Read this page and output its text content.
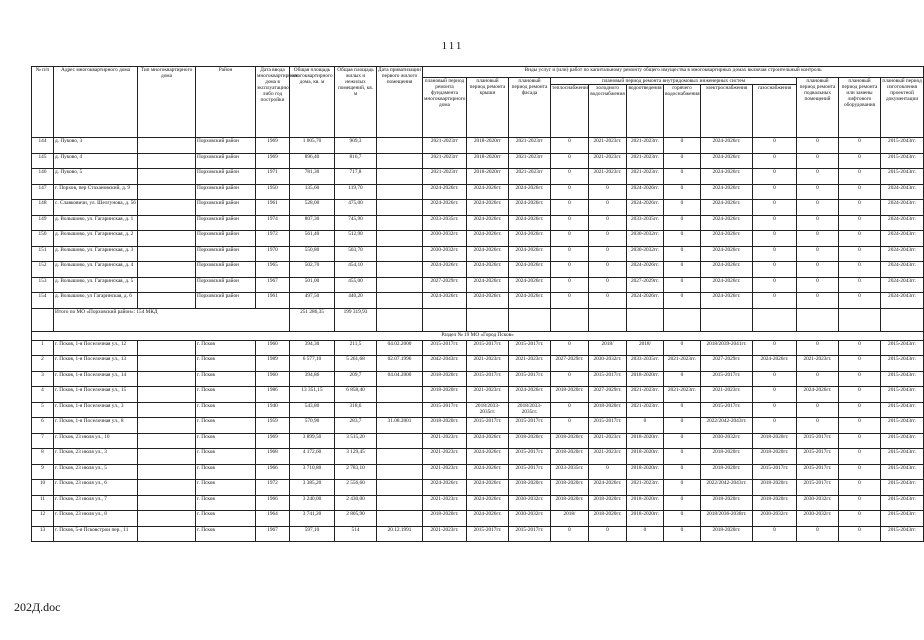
111
№ п/п	Адрес многоквартирного дома	Тип многоквартирного дома	Район	Дата ввода многоквартирного дома в эксплуатацию либо год постройки	Общая площадь многоквартирного дома, кв. м	Общая площадь жилых и нежилых помещений, кв. м	Дата приватизации первого жилого помещения	Виды услуг и (или) работ по капитальному ремонту общего имущества в многоквартирных домах включая строительный контроль											
								плановый период ремонта фундамента многоквартирного дома	плановый период ремонта крыши	плановый период ремонта фасада	плановый период ремонта внутридомовых инженерных систем						плановый период ремонта подвальных помещений	плановый период ремонта или замены лифтового оборудования	плановый период изготовления проектной документации
											теплоснабжения	холодного водоснабжения	водоотведения	горячего водоснабжения	электроснабжения	газоснабжения			
144	д. Пуково, 3		Порховский район	1969	1 005,70	909,3		2021-2023гг	2018-2020гг	2021-2023гг	0	2021-2023гг.	2021-2023гг.	0	2024-2026гг.	0	0	0	2015-2043гг.
145	д. Пуково, 4		Порховский район	1969	896,40	816,7		2021-2023гг	2018-2020гг	2021-2023гг	0	2021-2023гг.	2021-2023гг.	0	2024-2026гг.	0	0	0	2015-2043гг.
146	д. Пуково, 5		Порховский район	1971	781,30	717,8		2021-2023гг	2018-2020гг	2021-2023гг	0	2021-2023гг.	2021-2023гг.	0	2024-2026гг.	0	0	0	2015-2043гг.
147	г. Порхов, пер Стахановский, д. 9		Порховский район	1950	135,60	119,70		2024-2026гг.	2024-2026гг.	2024-2026гг.	0	0	2024-2026гг.	0	2024-2026гг.	0	0	0	2024-2043гг.
148	с. Славковичи, ул. Шелгунова, д. 56		Порховский район	1961	528,00	475,00		2024-2026гг.	2024-2026гг.	2024-2026гг.	0	0	2024-2026гг.	0	2024-2026гг.	0	0	0	2024-2043гг.
149	д. Волышово, ул. Гагаринская, д. 1		Порховский район	1974	807,30	745,90		2033-2035гг.	2024-2026гг.	2024-2026гг.	0	0	2033-2035гг.	0	2024-2026гг.	0	0	0	2024-2043гг.
150	д. Волышово, ул. Гагаринская, д. 2		Порховский район	1972	561,40	512,90		2030-2032гг.	2024-2026гг.	2024-2026гг.	0	0	2030-2032гг.	0	2024-2026гг.	0	0	0	2024-2043гг.
151	д. Волышово, ул. Гагаринская, д. 3		Порховский район	1970	550,80	503,70		2030-2032гг.	2024-2026гг.	2024-2026гг.	0	0	2030-2032гг.	0	2024-2026гг.	0	0	0	2024-2043гг.
152	д. Волышово, ул. Гагаринская, д. 4		Порховский район	1965	502,70	454,10		2024-2026гг.	2024-2026гг.	2024-2026гг.	0	0	2024-2026гг.	0	2024-2026гг.	0	0	0	2024-2043гг.
153	д. Волышово, ул. Гагаринская, д. 5		Порховский район	1967	501,00	455,00		2027-2029гг.	2024-2026гг.	2024-2026гг.	0	0	2027-2029гг.	0	2024-2026гг.	0	0	0	2024-2043гг.
154	д. Волышово, ул Гагаринская, д. 6		Порховский район	1961	497,50	440,20		2024-2026гг.	2024-2026гг.	2024-2026гг.	0	0	2024-2026гг.	0	2024-2026гг.	0	0	0	2024-2043гг.
	Итого по МО «Порховский район»: 154 МКД				251 286,35	199 319,93													
Раздел № 19 МО «Город Псков»																			
1	г. Псков, 1-я Поселочная ул., 12		г. Псков	1960	394,30	211,5	04.02.2000	2015-2017гг.	2015-2017гг.	2015-2017гг.	0	2018/	2018/	0	2018/2039-2041гг.	0	0	0	2015-2043гг.
2	г. Псков, 1-я Поселочная ул., 13		г. Псков	1989	6 577,10	5 261,68	02.07.1996	2042-2043гг.	2021-2023гг.	2021-2023гг.	2027-2029гг.	2030-2032гг.	2033-2035гг.	2021-2023гг.	2027-2029гг.	2024-2026гг.	2021-2023гг.	0	2015-2043гг.
3	г. Псков, 1-я Поселочная ул., 14		г. Псков	1960	394,86	209,7	04.04.2000	2018-2020гг.	2015-2017гг.	2015-2017гг.	0	2015-2017гг.	2018-2020гг.	0	2015-2017гг.	0	0	0	2015-2043гг.
4	г. Псков, 1-я Поселочная ул., 15		г. Псков	1986	13 351,15	6 858,40		2018-2020гг.	2021-2023гг.	2024-2026гг.	2018-2020гг.	2027-2029гг.	2021-2023гг.	2021-2023гг.	2021-2023гг.	0	2024-2026гг.	0	2015-2043гг.
5	г. Псков, 1-я Поселочная ул., 3		г. Псков	1940	543,80	318,6		2015-2017гг.	2018/2033-2035гг.	2018/2033-2035гг.	0	2018-2020гг.	2021-2023гг.	0	2015-2017гг.	0	0	0	2015-2043гг.
6	г. Псков, 1-я Поселочная ул., 8		г. Псков	1959	570,90	283,7	31.08.2001	2018-2020гг.	2015-2017гг.	2015-2017гг.	0	2015-2017гг.	0	0	2022/2042-2043гг.	0	0	0	2015-2043гг.
7	г. Псков, 23 июля ул., 10		г. Псков	1969	3 899,50	3 515,20		2021-2023гг.	2024-2026гг.	2018-2020гг.	2018-2020гг.	2021-2023гг.	2018-2020гг.	0	2030-2032гг.	2018-2020гг.	2015-2017гг.	0	2015-2043гг.
8	г. Псков, 23 июля ул., 3		г. Псков	1968	4 172,60	3 129,45		2021-2023гг.	2024-2026гг.	2015-2017гг.	2018-2020гг.	2021-2023гг.	2018-2020гг.	0	2018-2020гг.	2018-2020гг.	2015-2017гг.	0	2015-2043гг.
9	г. Псков, 23 июля ул., 5		г. Псков	1966	3 710,80	2 783,10		2021-2023гг.	2024-2026гг.	2015-2017гг.	2033-2035гг.	0	2018-2020гг.	0	2018-2020гг.	2015-2017гг.	2015-2017гг.	0	2015-2043гг.
10	г. Псков, 23 июля ул., 6		г. Псков	1972	3 385,20	2 556,60		2024-2026гг.	2024-2026гг.	2018-2020гг.	2018-2020гг.	2024-2026гг.	2021-2023гг.	0	2022/2042-2043гг.	2018-2020гг.	2015-2017гг.	0	2015-2043гг.
11	г. Псков, 23 июля ул., 7		г. Псков	1966	3 240,00	2 430,00		2021-2023гг.	2024-2026гг.	2030-2032гг.	2018-2020гг.	2018-2020гг.	2018-2020гг.	0	2018-2020гг.	2018-2020гг.	2030-2032гг.	0	2015-2043гг.
12	г. Псков, 23 июля ул., 8		г. Псков	1964	3 741,20	2 805,90		2018-2020гг.	2024-2026гг.	2030-2032гг.	2018/	2018-2020гг.	2018-2020гг.	0	2018/2036-2038гг.	2030-2032гг.	2030-2032гг.	0	2015-2043гг.
13	г. Псков, 5-я Псковстрои пер., 11		г. Псков	1967	597,10	514	20.12.1991	2021-2023гг.	2015-2017гг.	2015-2017гг.	0	0	0	0	2018-2020гг.	0	0	0	2015-2043гг.
202Д.doc
